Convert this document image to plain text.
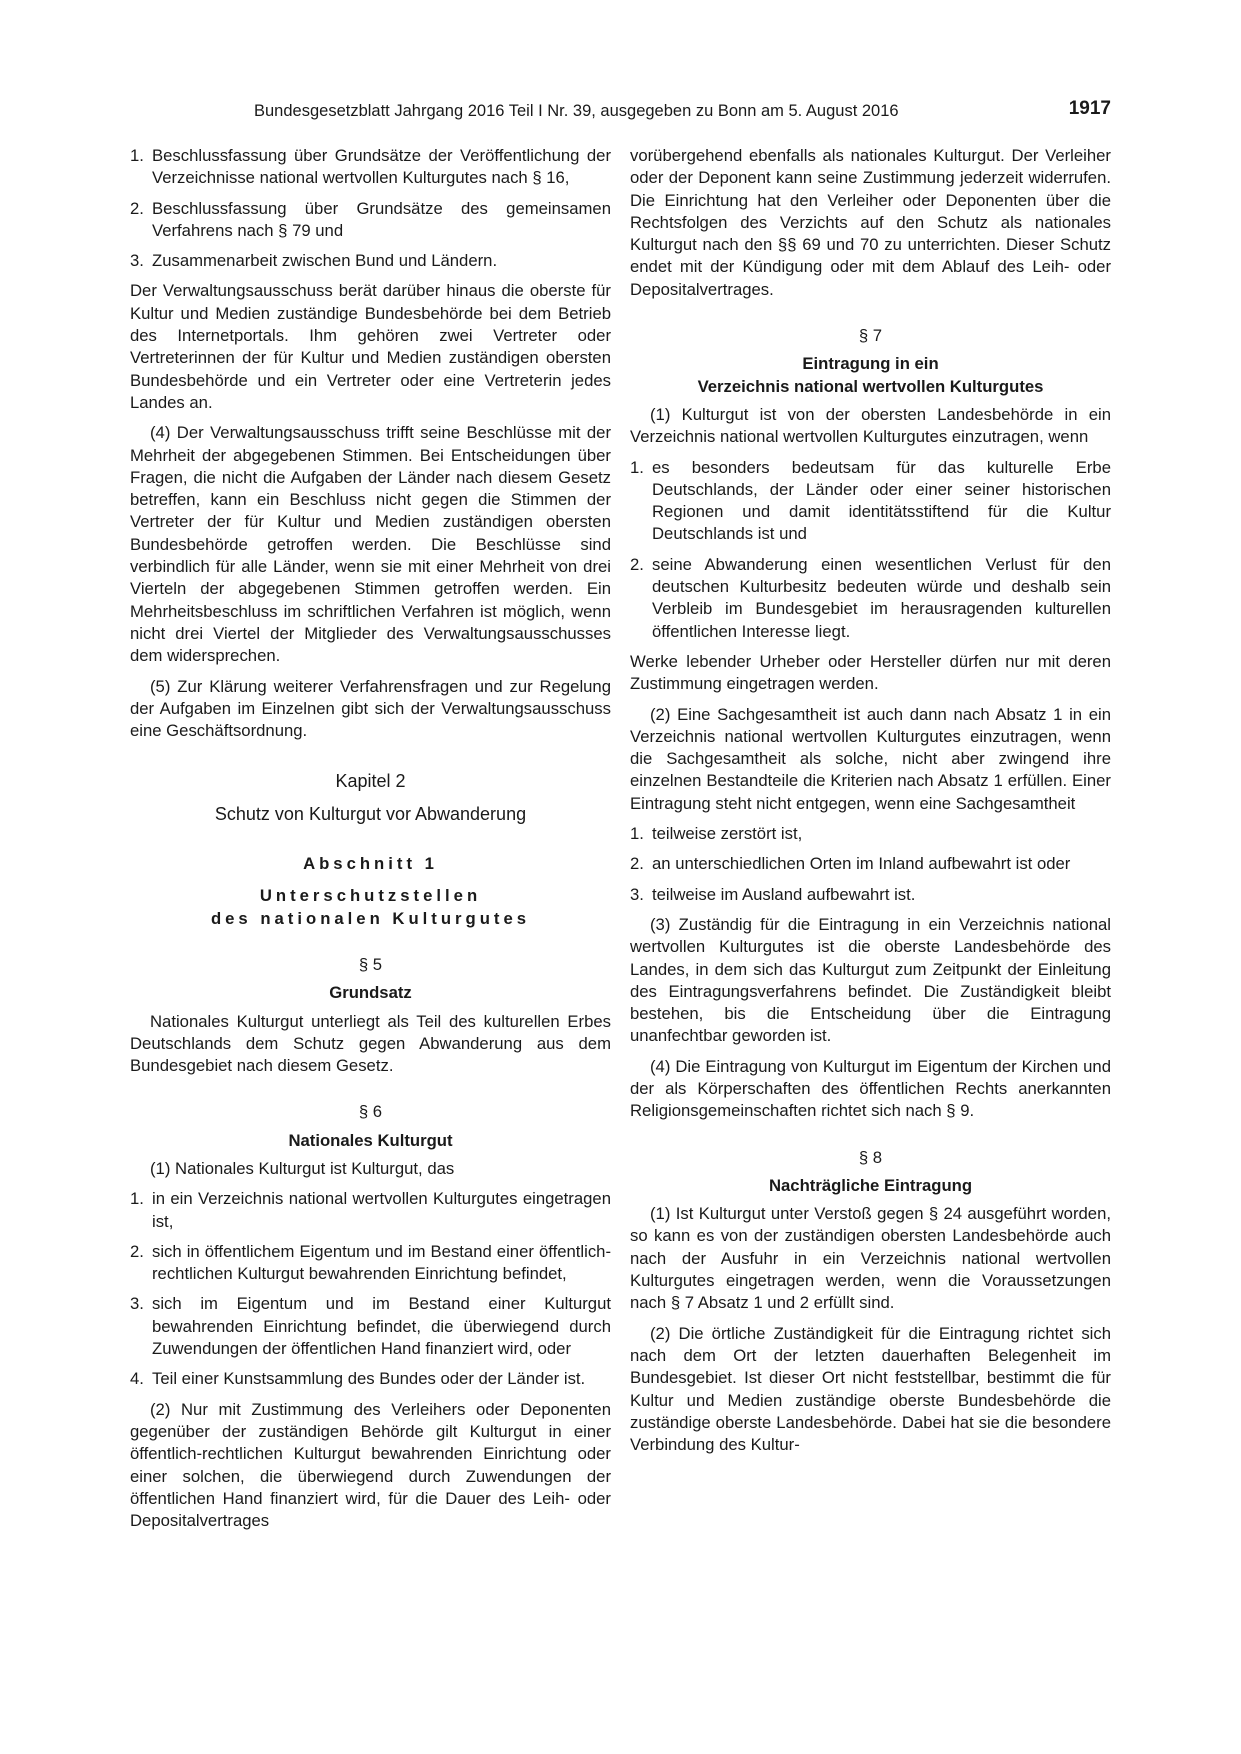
Bundesgesetzblatt Jahrgang 2016 Teil I Nr. 39, ausgegeben zu Bonn am 5. August 2016	1917
1. Beschlussfassung über Grundsätze der Veröffentlichung der Verzeichnisse national wertvollen Kulturgutes nach § 16,
2. Beschlussfassung über Grundsätze des gemeinsamen Verfahrens nach § 79 und
3. Zusammenarbeit zwischen Bund und Ländern.

Der Verwaltungsausschuss berät darüber hinaus die oberste für Kultur und Medien zuständige Bundesbehörde bei dem Betrieb des Internetportals. Ihm gehören zwei Vertreter oder Vertreterinnen der für Kultur und Medien zuständigen obersten Bundesbehörde und ein Vertreter oder eine Vertreterin jedes Landes an.

(4) Der Verwaltungsausschuss trifft seine Beschlüsse mit der Mehrheit der abgegebenen Stimmen. Bei Entscheidungen über Fragen, die nicht die Aufgaben der Länder nach diesem Gesetz betreffen, kann ein Beschluss nicht gegen die Stimmen der Vertreter der für Kultur und Medien zuständigen obersten Bundesbehörde getroffen werden. Die Beschlüsse sind verbindlich für alle Länder, wenn sie mit einer Mehrheit von drei Vierteln der abgegebenen Stimmen getroffen werden. Ein Mehrheitsbeschluss im schriftlichen Verfahren ist möglich, wenn nicht drei Viertel der Mitglieder des Verwaltungsausschusses dem widersprechen.

(5) Zur Klärung weiterer Verfahrensfragen und zur Regelung der Aufgaben im Einzelnen gibt sich der Verwaltungsausschuss eine Geschäftsordnung.

Kapitel 2

Schutz von Kulturgut vor Abwanderung

Abschnitt 1

Unterschutzstellen

des nationalen Kulturgutes

§ 5

Grundsatz

Nationales Kulturgut unterliegt als Teil des kulturellen Erbes Deutschlands dem Schutz gegen Abwanderung aus dem Bundesgebiet nach diesem Gesetz.

§ 6

Nationales Kulturgut

(1) Nationales Kulturgut ist Kulturgut, das

1. in ein Verzeichnis national wertvollen Kulturgutes eingetragen ist,
2. sich in öffentlichem Eigentum und im Bestand einer öffentlich-rechtlichen Kulturgut bewahrenden Einrichtung befindet,
3. sich im Eigentum und im Bestand einer Kulturgut bewahrenden Einrichtung befindet, die überwiegend durch Zuwendungen der öffentlichen Hand finanziert wird, oder
4. Teil einer Kunstsammlung des Bundes oder der Länder ist.

(2) Nur mit Zustimmung des Verleihers oder Deponenten gegenüber der zuständigen Behörde gilt Kulturgut in einer öffentlich-rechtlichen Kulturgut bewahrenden Einrichtung oder einer solchen, die überwiegend durch Zuwendungen der öffentlichen Hand finanziert wird, für die Dauer des Leih- oder Depositalvertrages

vorübergehend ebenfalls als nationales Kulturgut. Der Verleiher oder der Deponent kann seine Zustimmung jederzeit widerrufen. Die Einrichtung hat den Verleiher oder Deponenten über die Rechtsfolgen des Verzichts auf den Schutz als nationales Kulturgut nach den §§ 69 und 70 zu unterrichten. Dieser Schutz endet mit der Kündigung oder mit dem Ablauf des Leih- oder Depositalvertrages.

§ 7

Eintragung in ein

Verzeichnis national wertvollen Kulturgutes

(1) Kulturgut ist von der obersten Landesbehörde in ein Verzeichnis national wertvollen Kulturgutes einzutragen, wenn

1. es besonders bedeutsam für das kulturelle Erbe Deutschlands, der Länder oder einer seiner historischen Regionen und damit identitätsstiftend für die Kultur Deutschlands ist und
2. seine Abwanderung einen wesentlichen Verlust für den deutschen Kulturbesitz bedeuten würde und deshalb sein Verbleib im Bundesgebiet im herausragenden kulturellen öffentlichen Interesse liegt.

Werke lebender Urheber oder Hersteller dürfen nur mit deren Zustimmung eingetragen werden.

(2) Eine Sachgesamtheit ist auch dann nach Absatz 1 in ein Verzeichnis national wertvollen Kulturgutes einzutragen, wenn die Sachgesamtheit als solche, nicht aber zwingend ihre einzelnen Bestandteile die Kriterien nach Absatz 1 erfüllen. Einer Eintragung steht nicht entgegen, wenn eine Sachgesamtheit

1. teilweise zerstört ist,
2. an unterschiedlichen Orten im Inland aufbewahrt ist oder
3. teilweise im Ausland aufbewahrt ist.

(3) Zuständig für die Eintragung in ein Verzeichnis national wertvollen Kulturgutes ist die oberste Landesbehörde des Landes, in dem sich das Kulturgut zum Zeitpunkt der Einleitung des Eintragungsverfahrens befindet. Die Zuständigkeit bleibt bestehen, bis die Entscheidung über die Eintragung unanfechtbar geworden ist.

(4) Die Eintragung von Kulturgut im Eigentum der Kirchen und der als Körperschaften des öffentlichen Rechts anerkannten Religionsgemeinschaften richtet sich nach § 9.

§ 8

Nachträgliche Eintragung

(1) Ist Kulturgut unter Verstoß gegen § 24 ausgeführt worden, so kann es von der zuständigen obersten Landesbehörde auch nach der Ausfuhr in ein Verzeichnis national wertvollen Kulturgutes eingetragen werden, wenn die Voraussetzungen nach § 7 Absatz 1 und 2 erfüllt sind.

(2) Die örtliche Zuständigkeit für die Eintragung richtet sich nach dem Ort der letzten dauerhaften Belegenheit im Bundesgebiet. Ist dieser Ort nicht feststellbar, bestimmt die für Kultur und Medien zuständige oberste Bundesbehörde die zuständige oberste Landesbehörde. Dabei hat sie die besondere Verbindung des Kultur-
